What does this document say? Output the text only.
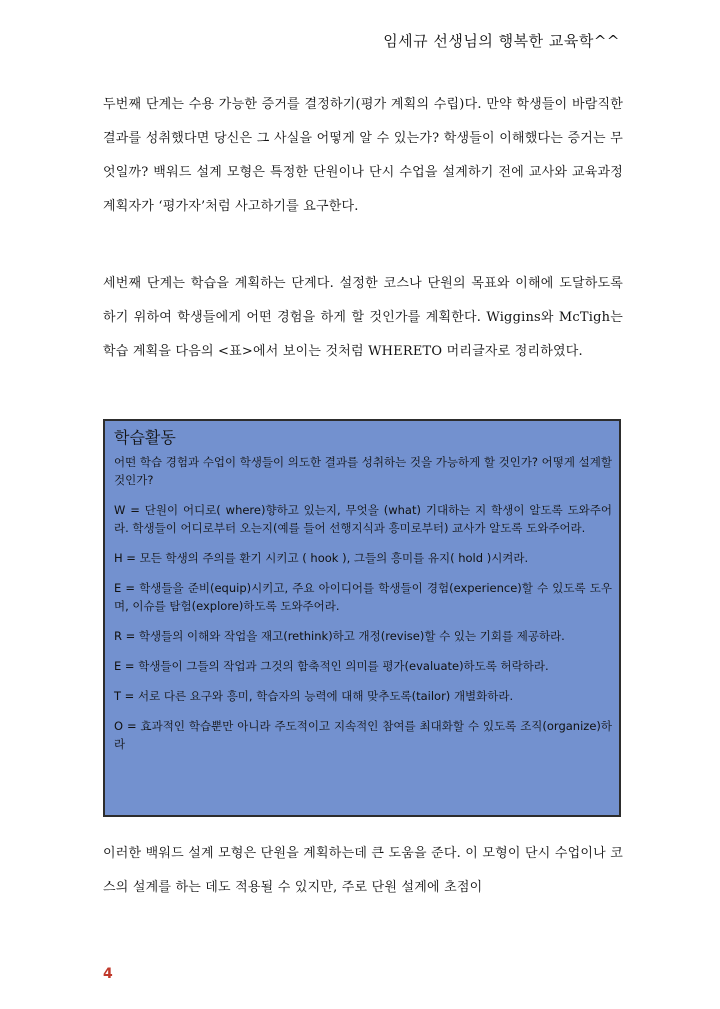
임세규 선생님의 행복한 교육학^^

두번째 단계는 수용 가능한 증거를 결정하기(평가 계획의 수립)다. 만약 학생들이 바람직한 결과를 성취했다면 당신은 그 사실을 어떻게 알 수 있는가? 학생들이 이해했다는 증거는 무엇일까? 백워드 설계 모형은 특정한 단원이나 단시 수업을 설계하기 전에 교사와 교육과정 계획자가 ‘평가자’처럼 사고하기를 요구한다.

세번째 단계는 학습을 계획하는 단계다. 설정한 코스나 단원의 목표와 이해에 도달하도록 하기 위하여 학생들에게 어떤 경험을 하게 할 것인가를 계획한다. Wiggins와 McTigh는 학습 계획을 다음의 <표>에서 보이는 것처럼 WHERETO 머리글자로 정리하였다.

학습활동

어떤 학습 경험과 수업이 학생들이 의도한 결과를 성취하는 것을 가능하게 할 것인가? 어떻게 설계할 것인가?

W = 단원이 어디로( where)향하고 있는지, 무엇을 (what) 기대하는 지 학생이 알도록 도와주어라. 학생들이 어디로부터 오는지(예를 들어 선행지식과 흥미로부터) 교사가 알도록 도와주어라.

H = 모든 학생의 주의를 환기 시키고 ( hook ), 그들의 흥미를 유지( hold )시켜라.

E = 학생들을 준비(equip)시키고, 주요 아이디어를 학생들이 경험(experience)할 수 있도록 도우며, 이슈를 탐험(explore)하도록 도와주어라.

R = 학생들의 이해와 작업을 재고(rethink)하고 개정(revise)할 수 있는 기회를 제공하라.

E = 학생들이 그들의 작업과 그것의 함축적인 의미를 평가(evaluate)하도록 허락하라.

T = 서로 다른 요구와 흥미, 학습자의 능력에 대해 맞추도록(tailor) 개별화하라.

O = 효과적인 학습뿐만 아니라 주도적이고 지속적인 참여를 최대화할 수 있도록 조직(organize)하라

이러한 백워드 설계 모형은 단원을 계획하는데 큰 도움을 준다. 이 모형이 단시 수업이나 코스의 설계를 하는 데도 적용될 수 있지만, 주로 단원 설계에 초점이

4
